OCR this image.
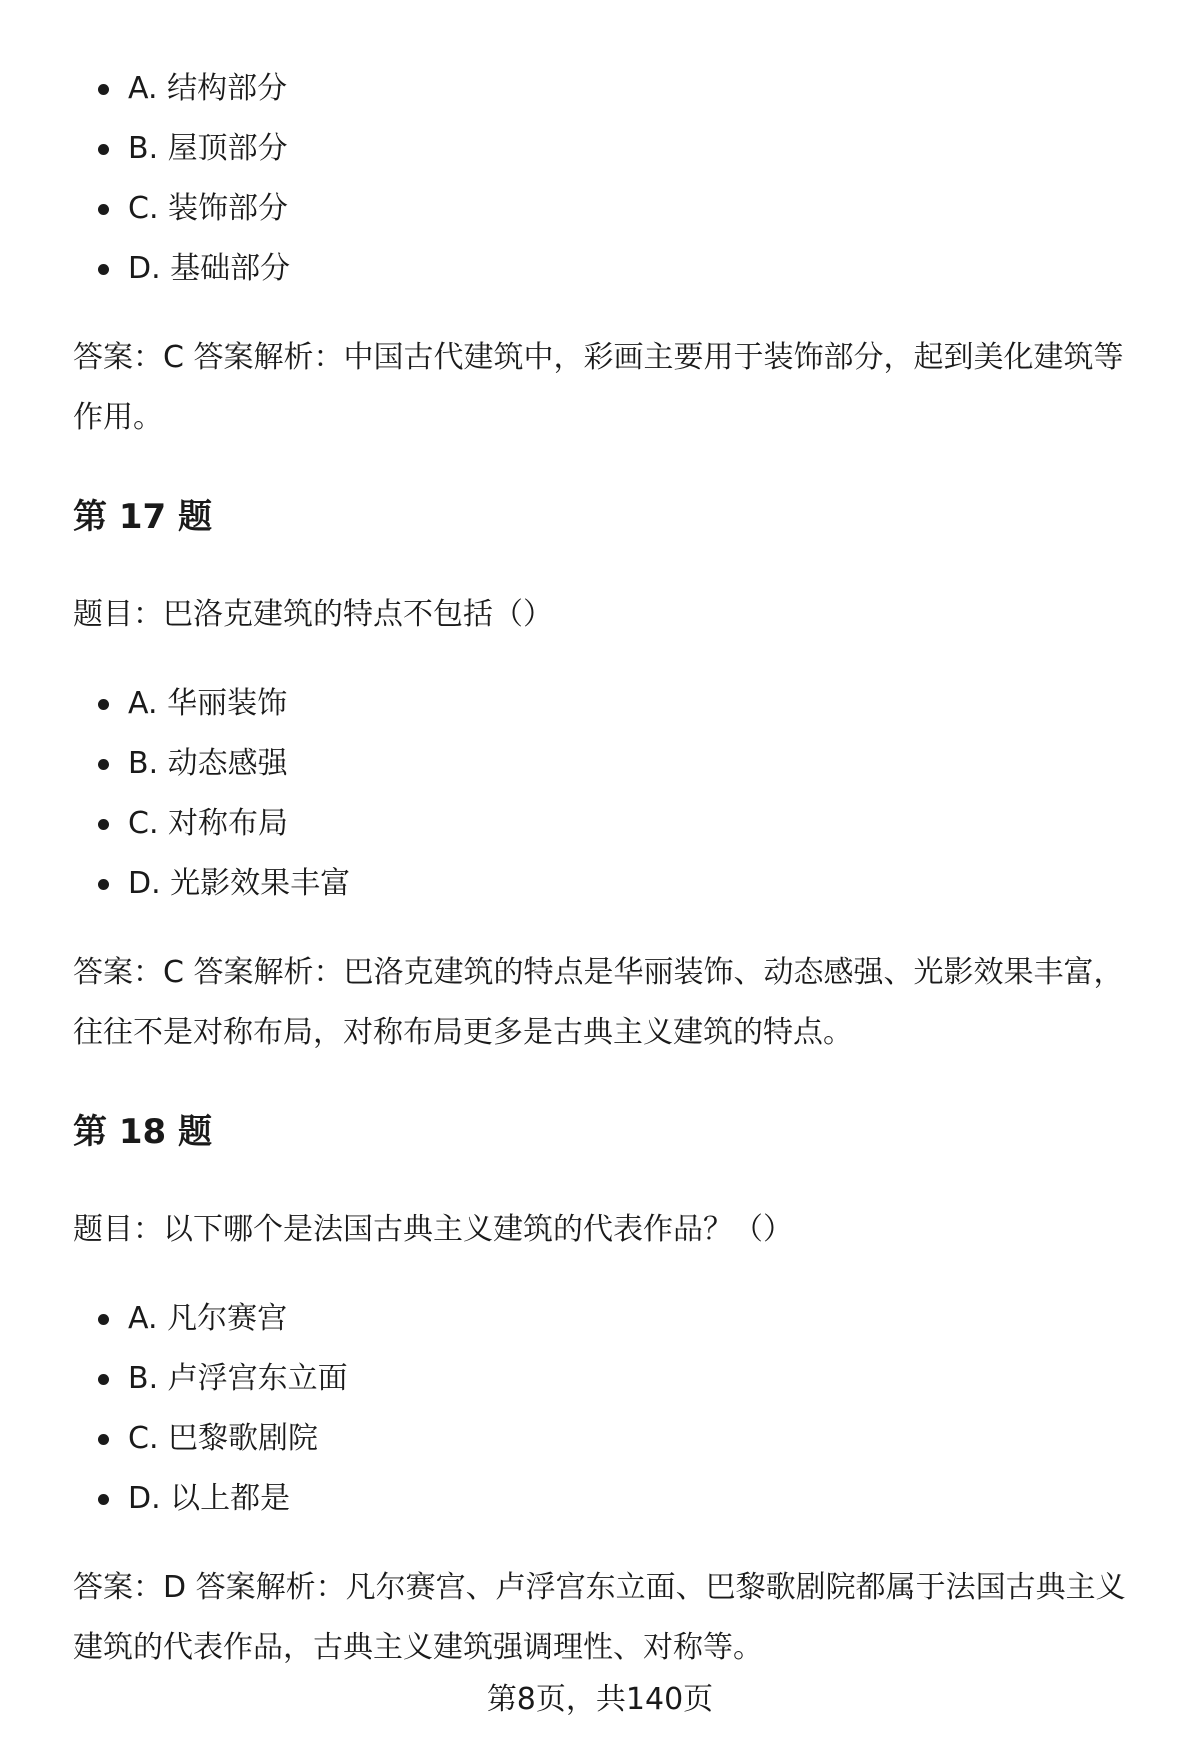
A. 结构部分
B. 屋顶部分
C. 装饰部分
D. 基础部分

答案：C 答案解析：中国古代建筑中，彩画主要用于装饰部分，起到美化建筑等作用。

第 17 题

题目：巴洛克建筑的特点不包括（）

A. 华丽装饰
B. 动态感强
C. 对称布局
D. 光影效果丰富

答案：C 答案解析：巴洛克建筑的特点是华丽装饰、动态感强、光影效果丰富，往往不是对称布局，对称布局更多是古典主义建筑的特点。

第 18 题

题目：以下哪个是法国古典主义建筑的代表作品？（）

A. 凡尔赛宫
B. 卢浮宫东立面
C. 巴黎歌剧院
D. 以上都是

答案：D 答案解析：凡尔赛宫、卢浮宫东立面、巴黎歌剧院都属于法国古典主义建筑的代表作品，古典主义建筑强调理性、对称等。

第8页，共140页
